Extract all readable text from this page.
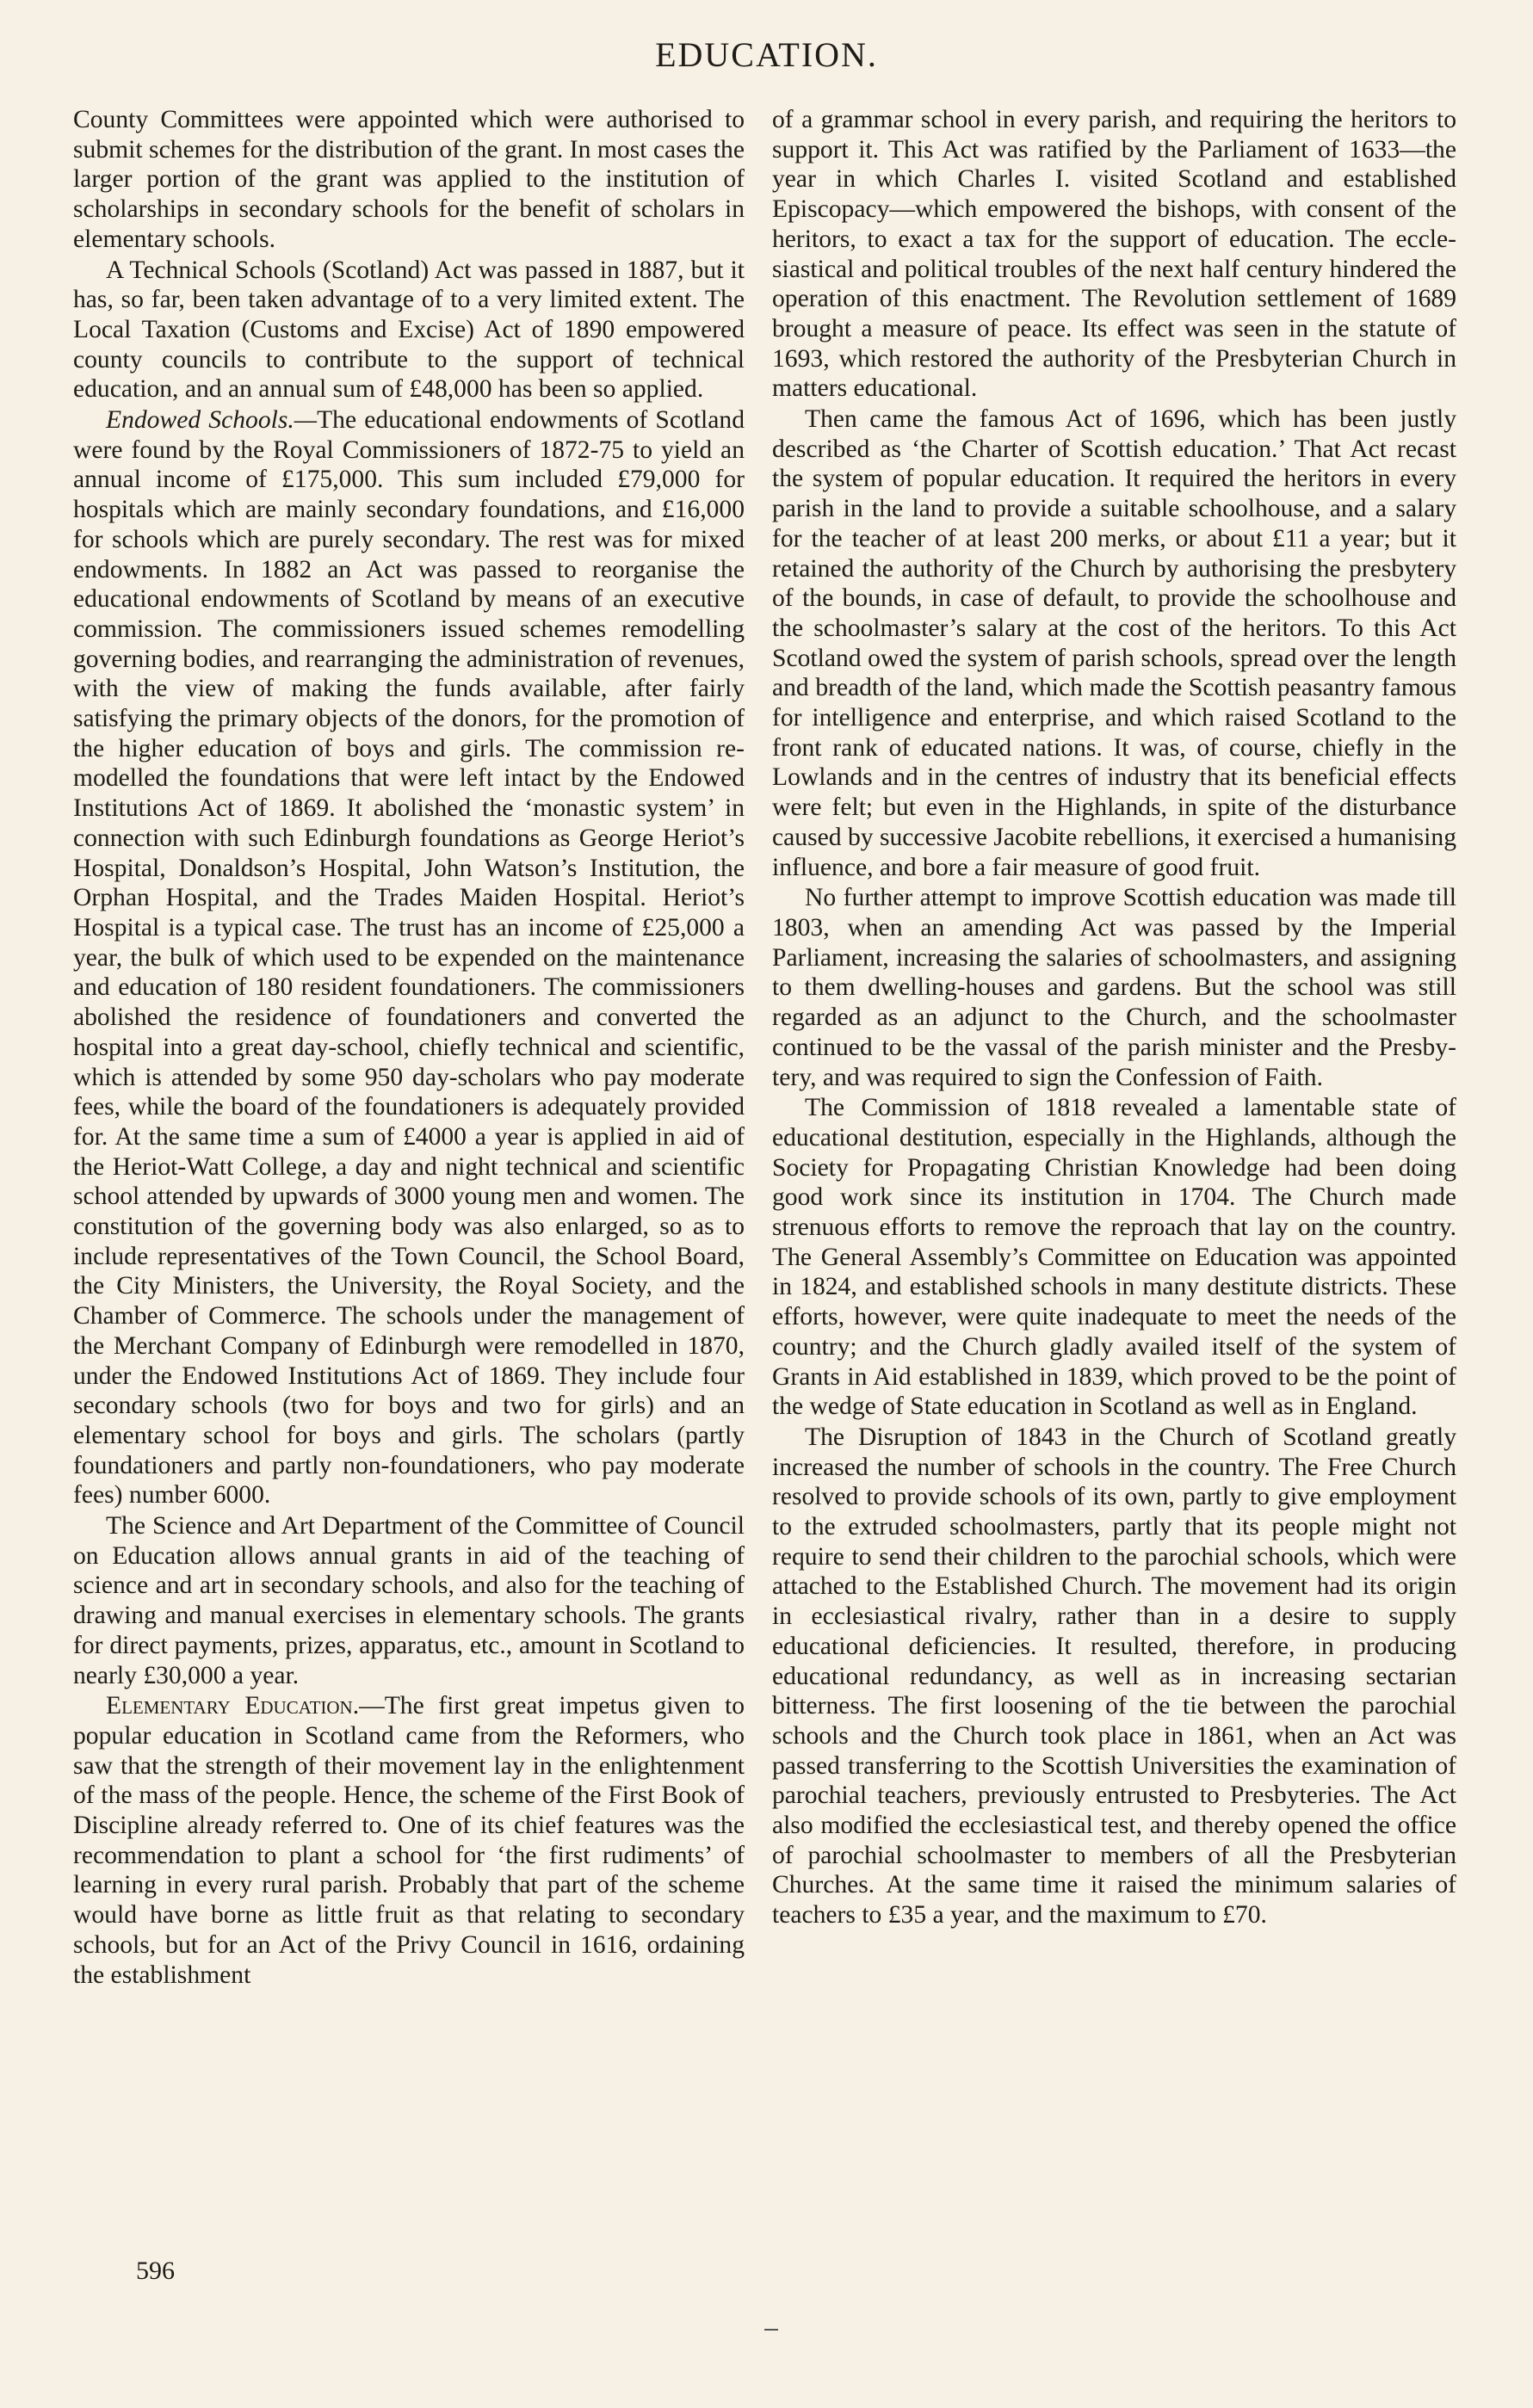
EDUCATION.

County Committees were appointed which were authorised to submit schemes for the distribution of the grant. In most cases the larger portion of the grant was applied to the institution of scholarships in secondary schools for the benefit of scholars in elementary schools.

A Technical Schools (Scotland) Act was passed in 1887, but it has, so far, been taken advantage of to a very limited extent. The Local Taxation (Customs and Excise) Act of 1890 empowered county councils to contribute to the support of technical education, and an annual sum of £48,000 has been so applied.

Endowed Schools.—The educational endowments of Scotland were found by the Royal Commissioners of 1872-75 to yield an annual income of £175,000. This sum included £79,000 for hospitals which are mainly secondary foundations, and £16,000 for schools which are purely secondary. The rest was for mixed endowments. In 1882 an Act was passed to reorganise the educational endowments of Scotland by means of an executive commission. The commissioners issued schemes remodelling governing bodies, and rearranging the administration of revenues, with the view of making the funds available, after fairly satisfying the primary objects of the donors, for the promotion of the higher education of boys and girls. The commission remodelled the foundations that were left intact by the Endowed Institutions Act of 1869. It abolished the ‘monastic system’ in connection with such Edinburgh foundations as George Heriot’s Hospital, Donaldson’s Hospital, John Watson’s Institution, the Orphan Hospital, and the Trades Maiden Hospital. Heriot’s Hospital is a typical case. The trust has an income of £25,000 a year, the bulk of which used to be expended on the maintenance and education of 180 resident foundationers. The commissioners abolished the residence of foundationers and converted the hospital into a great day-school, chiefly technical and scientific, which is attended by some 950 day-scholars who pay moderate fees, while the board of the foundationers is adequately provided for. At the same time a sum of £4000 a year is applied in aid of the Heriot-Watt College, a day and night technical and scientific school attended by upwards of 3000 young men and women. The constitution of the governing body was also enlarged, so as to include representatives of the Town Council, the School Board, the City Ministers, the University, the Royal Society, and the Chamber of Commerce. The schools under the management of the Merchant Company of Edinburgh were remodelled in 1870, under the Endowed Institutions Act of 1869. They include four secondary schools (two for boys and two for girls) and an elementary school for boys and girls. The scholars (partly foundationers and partly non-foundationers, who pay moderate fees) number 6000.

The Science and Art Department of the Committee of Council on Education allows annual grants in aid of the teaching of science and art in secondary schools, and also for the teaching of drawing and manual exercises in elementary schools. The grants for direct payments, prizes, apparatus, etc., amount in Scotland to nearly £30,000 a year.

Elementary Education.—The first great impetus given to popular education in Scotland came from the Reformers, who saw that the strength of their movement lay in the enlightenment of the mass of the people. Hence, the scheme of the First Book of Discipline already referred to. One of its chief features was the recommendation to plant a school for ‘the first rudiments’ of learning in every rural parish. Probably that part of the scheme would have borne as little fruit as that relating to secondary schools, but for an Act of the Privy Council in 1616, ordaining the establishment

of a grammar school in every parish, and requiring the heritors to support it. This Act was ratified by the Parliament of 1633—the year in which Charles I. visited Scotland and established Episcopacy—which empowered the bishops, with consent of the heritors, to exact a tax for the support of education. The ecclesiastical and political troubles of the next half century hindered the operation of this enactment. The Revolution settlement of 1689 brought a measure of peace. Its effect was seen in the statute of 1693, which restored the authority of the Presbyterian Church in matters educational.

Then came the famous Act of 1696, which has been justly described as ‘the Charter of Scottish education.’ That Act recast the system of popular education. It required the heritors in every parish in the land to provide a suitable schoolhouse, and a salary for the teacher of at least 200 merks, or about £11 a year; but it retained the authority of the Church by authorising the presbytery of the bounds, in case of default, to provide the schoolhouse and the schoolmaster’s salary at the cost of the heritors. To this Act Scotland owed the system of parish schools, spread over the length and breadth of the land, which made the Scottish peasantry famous for intelligence and enterprise, and which raised Scotland to the front rank of educated nations. It was, of course, chiefly in the Lowlands and in the centres of industry that its beneficial effects were felt; but even in the Highlands, in spite of the disturbance caused by successive Jacobite rebellions, it exercised a humanising influence, and bore a fair measure of good fruit.

No further attempt to improve Scottish education was made till 1803, when an amending Act was passed by the Imperial Parliament, increasing the salaries of schoolmasters, and assigning to them dwelling-houses and gardens. But the school was still regarded as an adjunct to the Church, and the schoolmaster continued to be the vassal of the parish minister and the Presbytery, and was required to sign the Confession of Faith.

The Commission of 1818 revealed a lamentable state of educational destitution, especially in the Highlands, although the Society for Propagating Christian Knowledge had been doing good work since its institution in 1704. The Church made strenuous efforts to remove the reproach that lay on the country. The General Assembly’s Committee on Education was appointed in 1824, and established schools in many destitute districts. These efforts, however, were quite inadequate to meet the needs of the country; and the Church gladly availed itself of the system of Grants in Aid established in 1839, which proved to be the point of the wedge of State education in Scotland as well as in England.

The Disruption of 1843 in the Church of Scotland greatly increased the number of schools in the country. The Free Church resolved to provide schools of its own, partly to give employment to the extruded schoolmasters, partly that its people might not require to send their children to the parochial schools, which were attached to the Established Church. The movement had its origin in ecclesiastical rivalry, rather than in a desire to supply educational deficiencies. It resulted, therefore, in producing educational redundancy, as well as in increasing sectarian bitterness. The first loosening of the tie between the parochial schools and the Church took place in 1861, when an Act was passed transferring to the Scottish Universities the examination of parochial teachers, previously entrusted to Presbyteries. The Act also modified the ecclesiastical test, and thereby opened the office of parochial schoolmaster to members of all the Presbyterian Churches. At the same time it raised the minimum salaries of teachers to £35 a year, and the maximum to £70.

596
